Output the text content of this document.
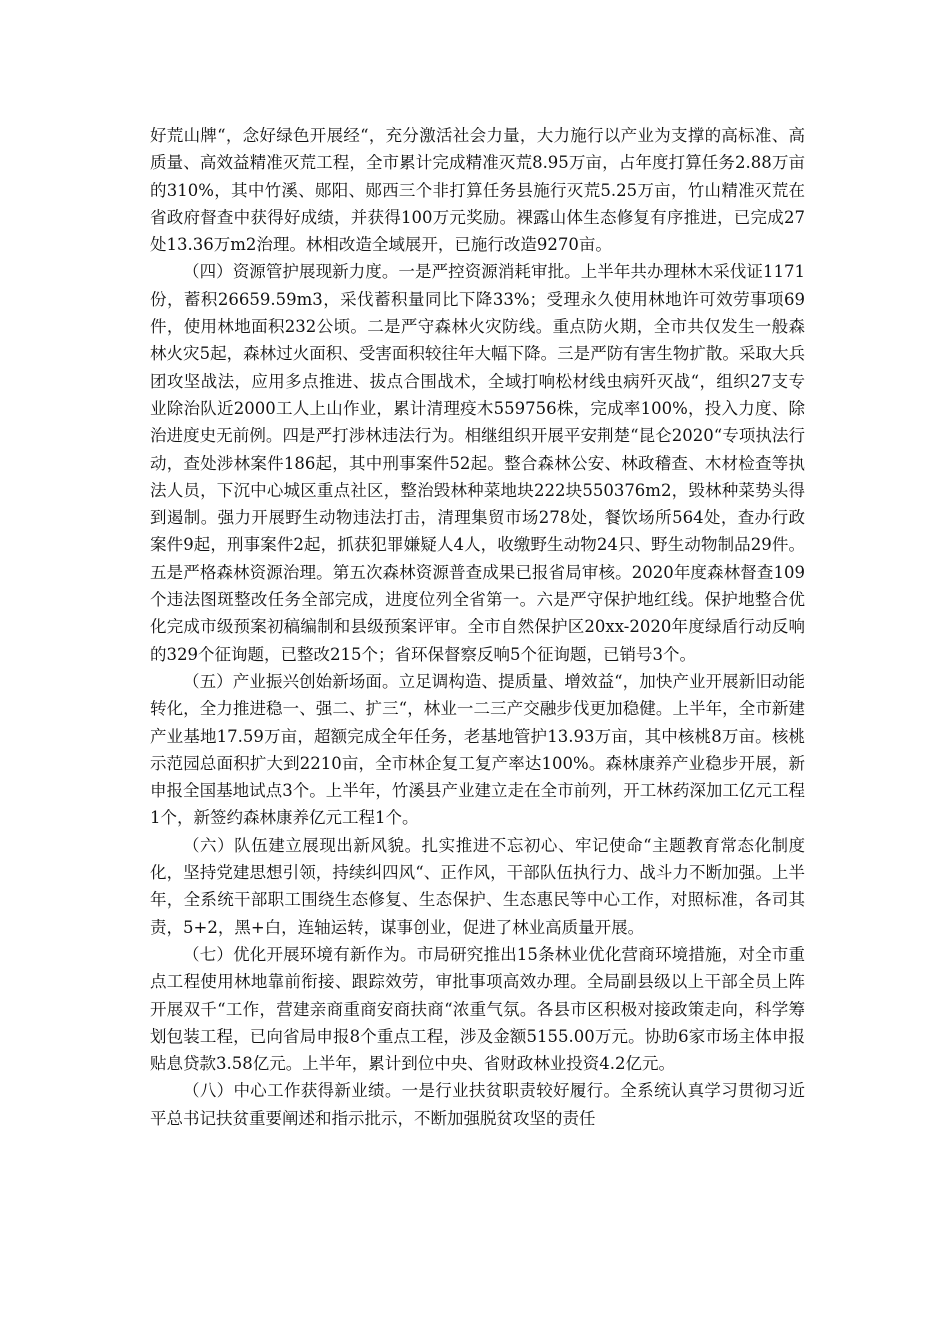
好荒山牌“，念好绿色开展经“，充分激活社会力量，大力施行以产业为支撑的高标准、高质量、高效益精准灭荒工程，全市累计完成精准灭荒8.95万亩，占年度打算任务2.88万亩的310%，其中竹溪、郧阳、郧西三个非打算任务县施行灭荒5.25万亩，竹山精准灭荒在省政府督查中获得好成绩，并获得100万元奖励。裸露山体生态修复有序推进，已完成27处13.36万m2治理。林相改造全域展开，已施行改造9270亩。

（四）资源管护展现新力度。一是严控资源消耗审批。上半年共办理林木采伐证1171份，蓄积26659.59m3，采伐蓄积量同比下降33%；受理永久使用林地许可效劳事项69件，使用林地面积232公顷。二是严守森林火灾防线。重点防火期，全市共仅发生一般森林火灾5起，森林过火面积、受害面积较往年大幅下降。三是严防有害生物扩散。采取大兵团攻坚战法，应用多点推进、拔点合围战术，全域打响松材线虫病歼灭战“，组织27支专业除治队近2000工人上山作业，累计清理疫木559756株，完成率100%，投入力度、除治进度史无前例。四是严打涉林违法行为。相继组织开展平安荆楚“昆仑2020“专项执法行动，查处涉林案件186起，其中刑事案件52起。整合森林公安、林政稽查、木材检查等执法人员，下沉中心城区重点社区，整治毁林种菜地块222块550376m2，毁林种菜势头得到遏制。强力开展野生动物违法打击，清理集贸市场278处，餐饮场所564处，查办行政案件9起，刑事案件2起，抓获犯罪嫌疑人4人，收缴野生动物24只、野生动物制品29件。五是严格森林资源治理。第五次森林资源普查成果已报省局审核。2020年度森林督查109个违法图斑整改任务全部完成，进度位列全省第一。六是严守保护地红线。保护地整合优化完成市级预案初稿编制和县级预案评审。全市自然保护区20xx-2020年度绿盾行动反响的329个征询题，已整改215个；省环保督察反响5个征询题，已销号3个。

（五）产业振兴创始新场面。立足调构造、提质量、增效益“，加快产业开展新旧动能转化，全力推进稳一、强二、扩三“，林业一二三产交融步伐更加稳健。上半年，全市新建产业基地17.59万亩，超额完成全年任务，老基地管护13.93万亩，其中核桃8万亩。核桃示范园总面积扩大到2210亩，全市林企复工复产率达100%。森林康养产业稳步开展，新申报全国基地试点3个。上半年，竹溪县产业建立走在全市前列，开工林药深加工亿元工程1个，新签约森林康养亿元工程1个。

（六）队伍建立展现出新风貌。扎实推进不忘初心、牢记使命“主题教育常态化制度化，坚持党建思想引领，持续纠四风“、正作风，干部队伍执行力、战斗力不断加强。上半年，全系统干部职工围绕生态修复、生态保护、生态惠民等中心工作，对照标准，各司其责，5+2，黑+白，连轴运转，谋事创业，促进了林业高质量开展。

（七）优化开展环境有新作为。市局研究推出15条林业优化营商环境措施，对全市重点工程使用林地靠前衔接、跟踪效劳，审批事项高效办理。全局副县级以上干部全员上阵开展双千“工作，营建亲商重商安商扶商“浓重气氛。各县市区积极对接政策走向，科学筹划包装工程，已向省局申报8个重点工程，涉及金额5155.00万元。协助6家市场主体申报贴息贷款3.58亿元。上半年，累计到位中央、省财政林业投资4.2亿元。

（八）中心工作获得新业绩。一是行业扶贫职责较好履行。全系统认真学习贯彻习近平总书记扶贫重要阐述和指示批示，不断加强脱贫攻坚的责任
